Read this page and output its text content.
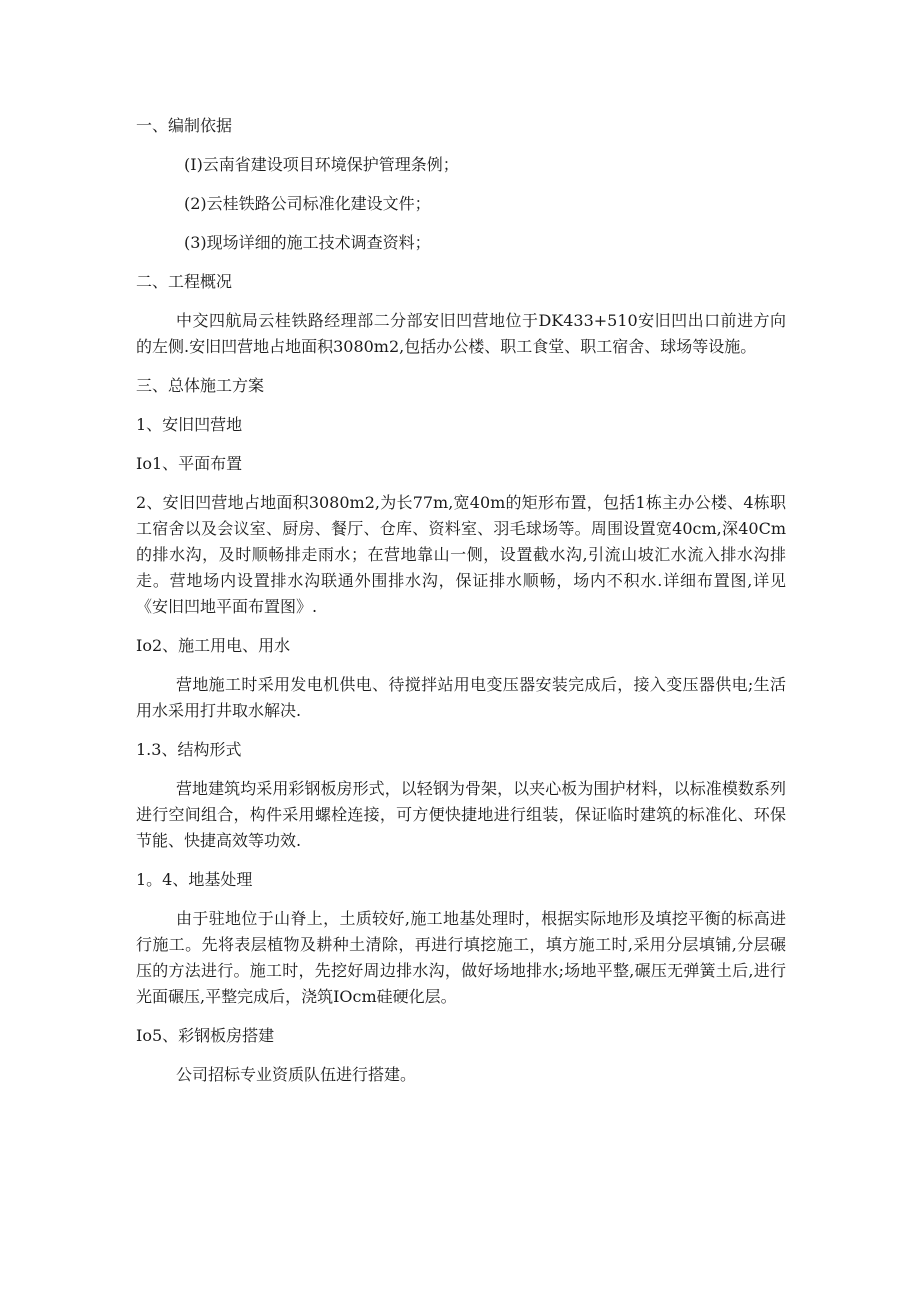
一、编制依据
(I)云南省建设项目环境保护管理条例；
(2)云桂铁路公司标准化建设文件；
(3)现场详细的施工技术调查资料；
二、工程概况
中交四航局云桂铁路经理部二分部安旧凹营地位于DK433+510安旧凹出口前进方向的左侧.安旧凹营地占地面积3080m2,包括办公楼、职工食堂、职工宿舍、球场等设施。
三、总体施工方案
1、安旧凹营地
Io1、平面布置
2、安旧凹营地占地面积3080m2,为长77m,宽40m的矩形布置，包括1栋主办公楼、4栋职工宿舍以及会议室、厨房、餐厅、仓库、资料室、羽毛球场等。周围设置宽40cm,深40Cm的排水沟，及时顺畅排走雨水；在营地靠山一侧，设置截水沟,引流山坡汇水流入排水沟排走。营地场内设置排水沟联通外围排水沟，保证排水顺畅，场内不积水.详细布置图,详见《安旧凹地平面布置图》.
Io2、施工用电、用水
营地施工时采用发电机供电、待搅拌站用电变压器安装完成后，接入变压器供电;生活用水采用打井取水解决.
1.3、结构形式
营地建筑均采用彩钢板房形式，以轻钢为骨架，以夹心板为围护材料，以标准模数系列进行空间组合，构件采用螺栓连接，可方便快捷地进行组装，保证临时建筑的标准化、环保节能、快捷高效等功效.
1。4、地基处理
由于驻地位于山脊上，土质较好,施工地基处理时，根据实际地形及填挖平衡的标高进行施工。先将表层植物及耕种土清除，再进行填挖施工，填方施工时,采用分层填铺,分层碾压的方法进行。施工时，先挖好周边排水沟，做好场地排水;场地平整,碾压无弹簧土后,进行光面碾压,平整完成后，浇筑IOcm硅硬化层。
Io5、彩钢板房搭建
公司招标专业资质队伍进行搭建。
